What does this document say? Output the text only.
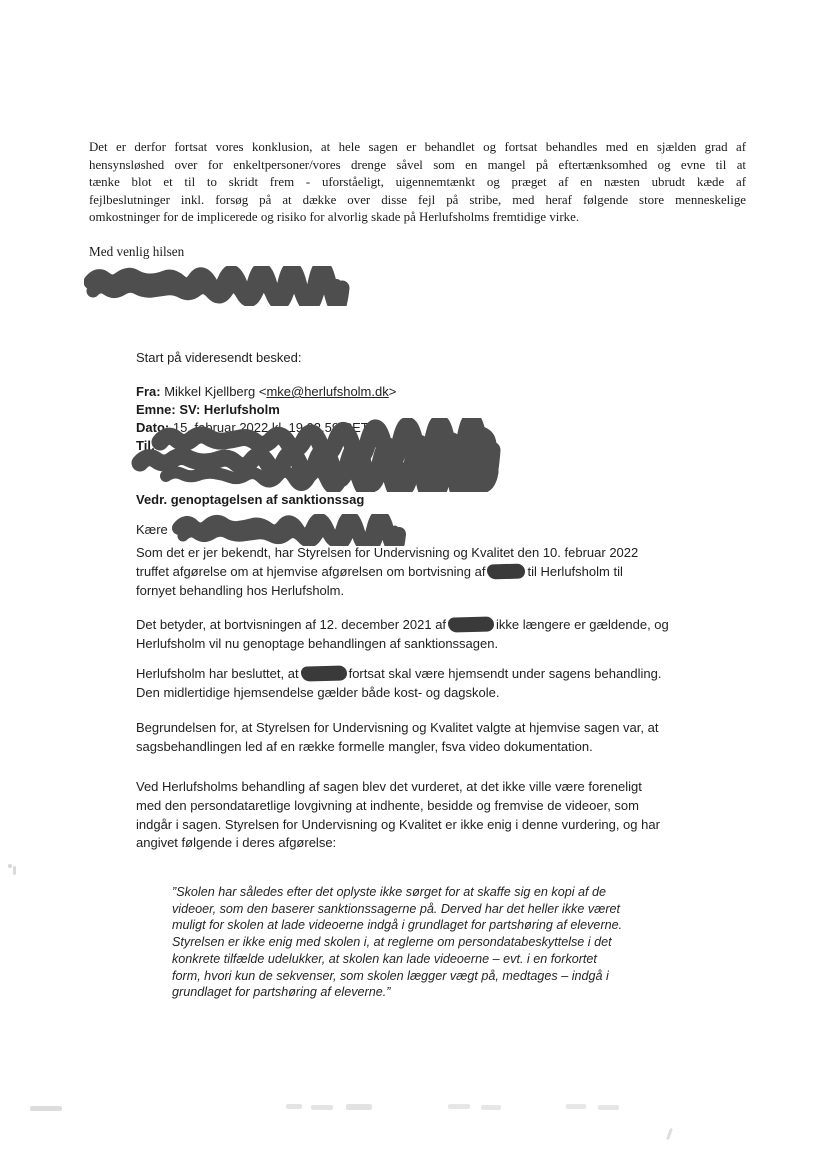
Det er derfor fortsat vores konklusion, at hele sagen er behandlet og fortsat behandles med en sjælden grad af
hensynsløshed over for enkeltpersoner/vores drenge såvel som en mangel på eftertænksomhed og evne til at
tænke blot et til to skridt frem - uforståeligt, uigennemtænkt og præget af en næsten ubrudt kæde af
fejlbeslutninger inkl. forsøg på at dække over disse fejl på stribe, med heraf følgende store menneskelige
omkostninger for de implicerede og risiko for alvorlig skade på Herlufsholms fremtidige virke.
Med venlig hilsen
Start på videresendt besked:
Fra: Mikkel Kjellberg <mke@herlufsholm.dk>
Emne: SV: Herlufsholm
Dato: 15. februar 2022 kl. 19.02.59 CET
Til:
Vedr. genoptagelsen af sanktionssag
Kære
Som det er jer bekendt, har Styrelsen for Undervisning og Kvalitet den 10. februar 2022
truffet afgørelse om at hjemvise afgørelsen om bortvisning af	til Herlufsholm til
fornyet behandling hos Herlufsholm.
Det betyder, at bortvisningen af 12. december 2021 af	ikke længere er gældende, og
Herlufsholm vil nu genoptage behandlingen af sanktionssagen.
Herlufsholm har besluttet, at	fortsat skal være hjemsendt under sagens behandling.
Den midlertidige hjemsendelse gælder både kost- og dagskole.
Begrundelsen for, at Styrelsen for Undervisning og Kvalitet valgte at hjemvise sagen var, at
sagsbehandlingen led af en række formelle mangler, fsva video dokumentation.
Ved Herlufsholms behandling af sagen blev det vurderet, at det ikke ville være foreneligt
med den persondataretlige lovgivning at indhente, besidde og fremvise de videoer, som
indgår i sagen. Styrelsen for Undervisning og Kvalitet er ikke enig i denne vurdering, og har
angivet følgende i deres afgørelse:
”Skolen har således efter det oplyste ikke sørget for at skaffe sig en kopi af de
videoer, som den baserer sanktionssagerne på. Derved har det heller ikke været
muligt for skolen at lade videoerne indgå i grundlaget for partshøring af eleverne.
Styrelsen er ikke enig med skolen i, at reglerne om persondatabeskyttelse i det
konkrete tilfælde udelukker, at skolen kan lade videoerne – evt. i en forkortet
form, hvori kun de sekvenser, som skolen lægger vægt på, medtages – indgå i
grundlaget for partshøring af eleverne.”
